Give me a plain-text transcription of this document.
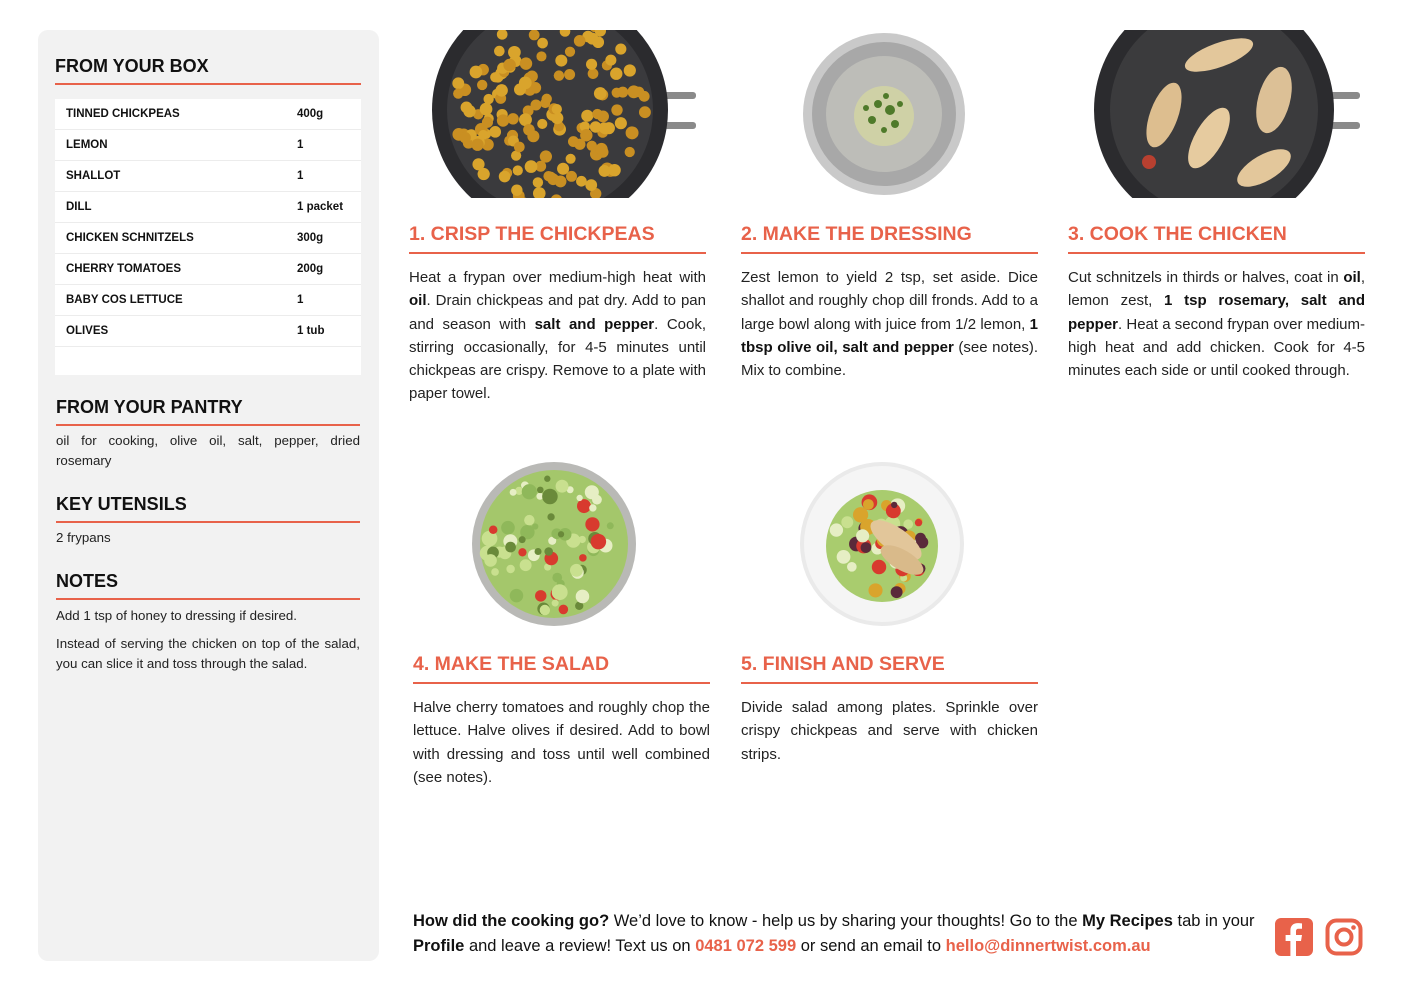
FROM YOUR BOX
TINNED CHICKPEAS	400g
LEMON	1
SHALLOT	1
DILL	1 packet
CHICKEN SCHNITZELS	300g
CHERRY TOMATOES	200g
BABY COS LETTUCE	1
OLIVES	1 tub
FROM YOUR PANTRY
oil for cooking, olive oil, salt, pepper, dried rosemary
KEY UTENSILS
2 frypans
NOTES
Add 1 tsp of honey to dressing if desired.
Instead of serving the chicken on top of the salad, you can slice it and toss through the salad.
1. CRISP THE CHICKPEAS
Heat a frypan over medium-high heat with oil. Drain chickpeas and pat dry. Add to pan and season with salt and pepper. Cook, stirring occasionally, for 4-5 minutes until chickpeas are crispy. Remove to a plate with paper towel.
2. MAKE THE DRESSING
Zest lemon to yield 2 tsp, set aside. Dice shallot and roughly chop dill fronds. Add to a large bowl along with juice from 1/2 lemon, 1 tbsp olive oil, salt and pepper (see notes). Mix to combine.
3. COOK THE CHICKEN
Cut schnitzels in thirds or halves, coat in oil, lemon zest, 1 tsp rosemary, salt and pepper. Heat a second frypan over medium-high heat and add chicken. Cook for 4-5 minutes each side or until cooked through.
4. MAKE THE SALAD
Halve cherry tomatoes and roughly chop the lettuce. Halve olives if desired. Add to bowl with dressing and toss until well combined (see notes).
5. FINISH AND SERVE
Divide salad among plates. Sprinkle over crispy chickpeas and serve with chicken strips.
How did the cooking go? We’d love to know - help us by sharing your thoughts! Go to the My Recipes tab in your Profile and leave a review! Text us on 0481 072 599 or send an email to hello@dinnertwist.com.au
